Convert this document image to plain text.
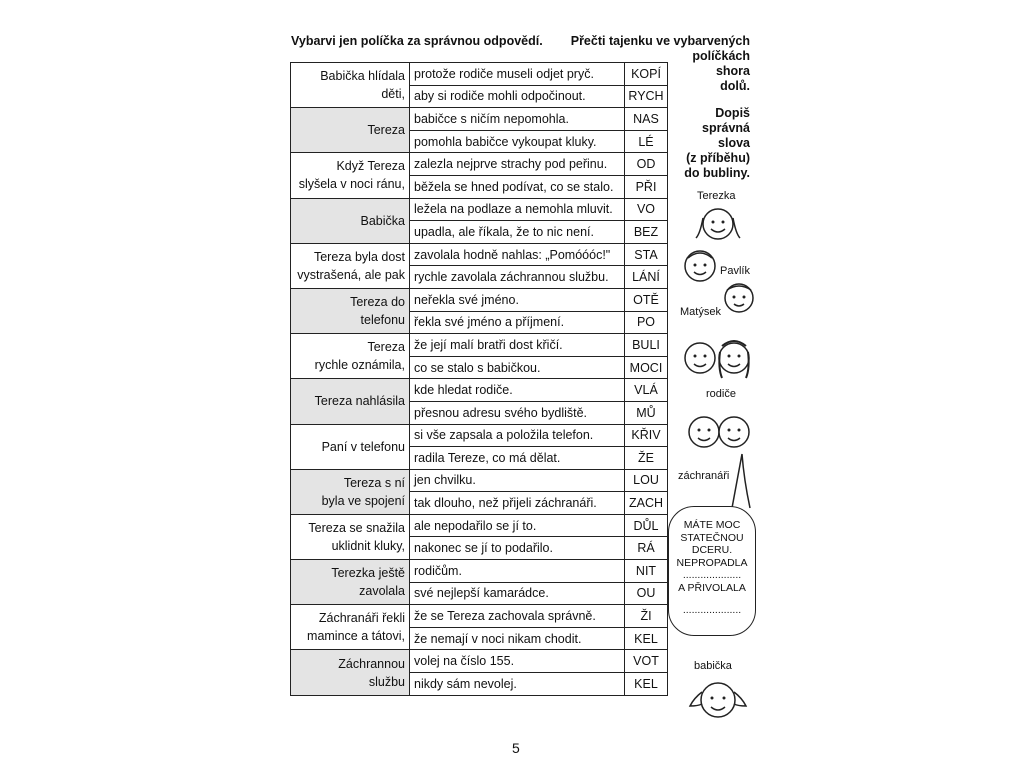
Vybarvi jen políčka za správnou odpovědí.	Přečti tajenku ve vybarvených
políčkách
shora
dolů.
Dopiš
správná
slova
(z příběhu)
do bubliny.
Babička hlídala
děti,	protože rodiče museli odjet pryč.	KOPÍ
	aby si rodiče mohli odpočinout.	RYCH

Tereza	babičce s ničím nepomohla.	NAS
	pomohla babičce vykoupat kluky.	LÉ

Když Tereza
slyšela v noci ránu,	zalezla nejprve strachy pod peřinu.	OD
	běžela se hned podívat, co se stalo.	PŘI

Babička	ležela na podlaze a nemohla mluvit.	VO
	upadla, ale říkala, že to nic není.	BEZ

Tereza byla dost
vystrašená, ale pak	zavolala hodně nahlas: „Pomóóóc!"	STA
	rychle zavolala záchrannou službu.	LÁNÍ

Tereza do
telefonu	neřekla své jméno.	OTĚ
	řekla své jméno a příjmení.	PO

Tereza
rychle oznámila,	že její malí bratři dost křičí.	BULI
	co se stalo s babičkou.	MOCI

Tereza nahlásila	kde hledat rodiče.	VLÁ
	přesnou adresu svého bydliště.	MŮ

Paní v telefonu	si vše zapsala a položila telefon.	KŘIV
	radila Tereze, co má dělat.	ŽE

Tereza s ní
byla ve spojení	jen chvilku.	LOU
	tak dlouho, než přijeli záchranáři.	ZACH

Tereza se snažila
uklidnit kluky,	ale nepodařilo se jí to.	DŮL
	nakonec se jí to podařilo.	RÁ

Terezka ještě
zavolala	rodičům.	NIT
	své nejlepší kamarádce.	OU

Záchranáři řekli
mamince a tátovi,	že se Tereza zachovala správně.	ŽI
	že nemají v noci nikam chodit.	KEL

Záchrannou
službu	volej na číslo 155.	VOT
	nikdy sám nevolej.	KEL
Terezka
Pavlík
Matýsek
rodiče
záchranáři
MÁTE MOC
STATEČNOU
DCERU.
NEPROPADLA
....................
A PŘIVOLALA
....................
babička
5
